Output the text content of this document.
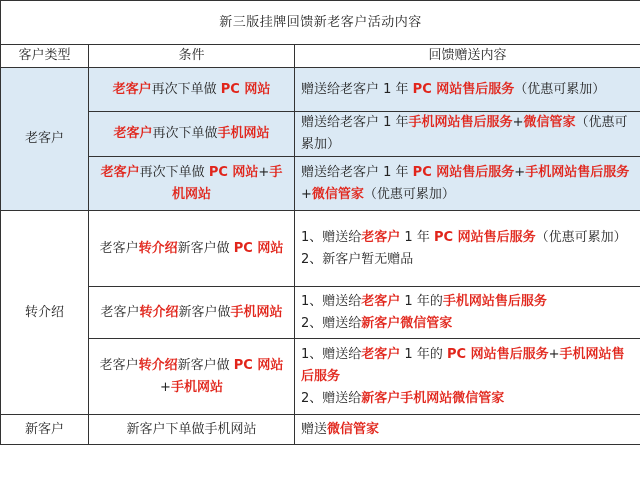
新三版挂牌回馈新老客户活动内容		
客户类型	条件	回馈赠送内容
老客户	老客户再次下单做 PC 网站	赠送给老客户 1 年 PC 网站售后服务（优惠可累加）

	老客户再次下单做手机网站	赠送给老客户 1 年手机网站售后服务+微信管家（优惠可累加）

	老客户再次下单做 PC 网站+手机网站	赠送给老客户 1 年 PC 网站售后服务+手机网站售后服务+微信管家（优惠可累加）

转介绍	老客户转介绍新客户做 PC 网站	1、赠送给老客户 1 年 PC 网站售后服务（优惠可累加）
2、新客户暂无赠品

	老客户转介绍新客户做手机网站	1、赠送给老客户 1 年的手机网站售后服务
2、赠送给新客户微信管家

	老客户转介绍新客户做 PC 网站+手机网站	1、赠送给老客户 1 年的 PC 网站售后服务+手机网站售后服务
2、赠送给新客户手机网站微信管家

新客户	新客户下单做手机网站	赠送微信管家
